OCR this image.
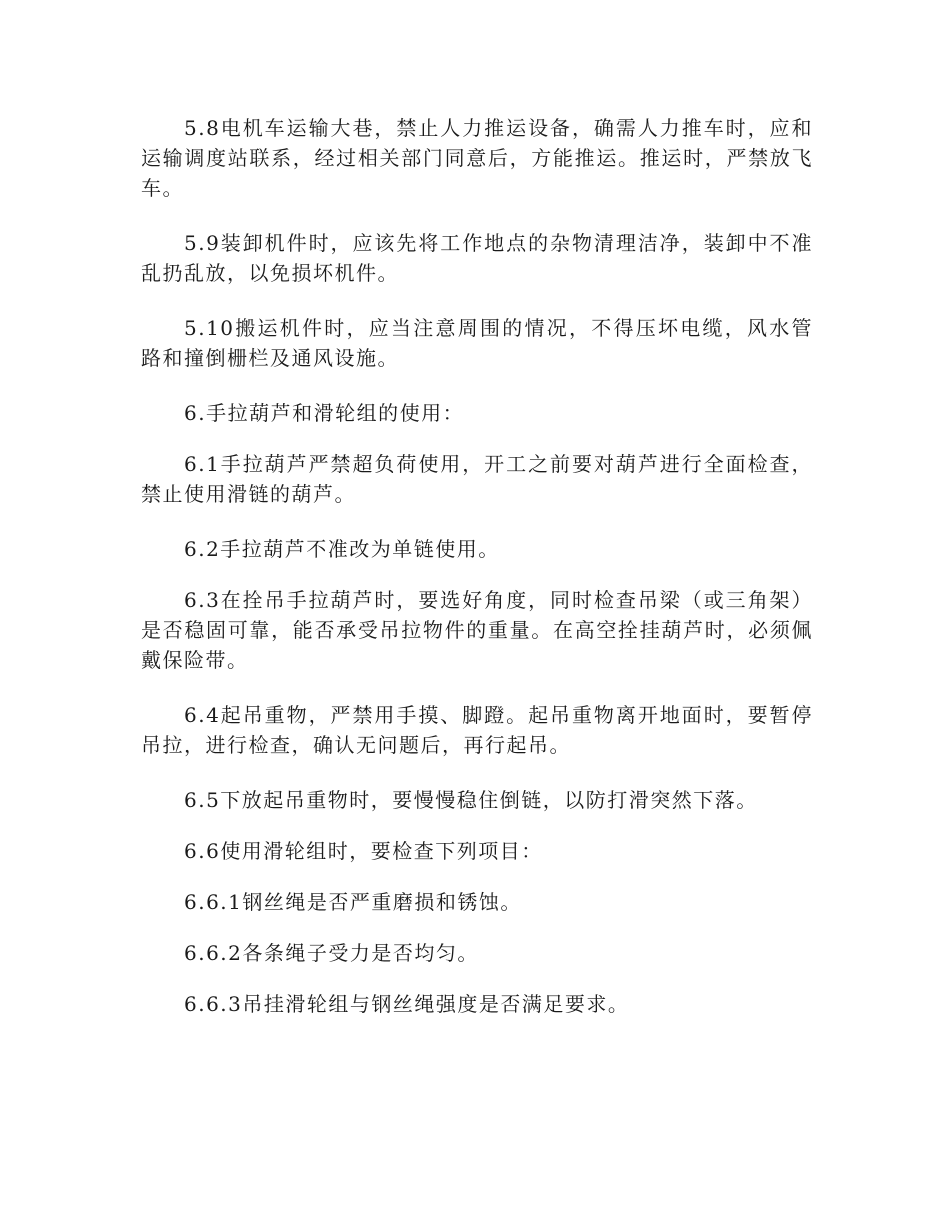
5.8电机车运输大巷，禁止人力推运设备，确需人力推车时，应和运输调度站联系，经过相关部门同意后，方能推运。推运时，严禁放飞车。

5.9装卸机件时，应该先将工作地点的杂物清理洁净，装卸中不准乱扔乱放，以免损坏机件。

5.10搬运机件时，应当注意周围的情况，不得压坏电缆，风水管路和撞倒栅栏及通风设施。

6.手拉葫芦和滑轮组的使用：

6.1手拉葫芦严禁超负荷使用，开工之前要对葫芦进行全面检查，禁止使用滑链的葫芦。

6.2手拉葫芦不准改为单链使用。

6.3在拴吊手拉葫芦时，要选好角度，同时检查吊梁（或三角架）是否稳固可靠，能否承受吊拉物件的重量。在高空拴挂葫芦时，必须佩戴保险带。

6.4起吊重物，严禁用手摸、脚蹬。起吊重物离开地面时，要暂停吊拉，进行检查，确认无问题后，再行起吊。

6.5下放起吊重物时，要慢慢稳住倒链，以防打滑突然下落。

6.6使用滑轮组时，要检查下列项目：

6.6.1钢丝绳是否严重磨损和锈蚀。

6.6.2各条绳子受力是否均匀。

6.6.3吊挂滑轮组与钢丝绳强度是否满足要求。
